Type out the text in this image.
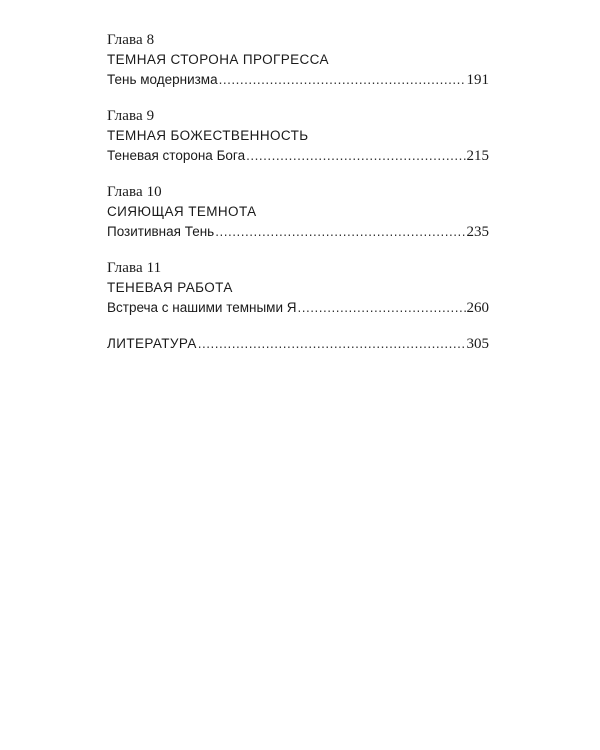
Глава 8
ТЕМНАЯ СТОРОНА ПРОГРЕССА
Тень модернизма .....	191
Глава 9
ТЕМНАЯ БОЖЕСТВЕННОСТЬ
Теневая сторона Бога .....	215
Глава 10
СИЯЮЩАЯ ТЕМНОТА
Позитивная Тень .....	235
Глава 11
ТЕНЕВАЯ РАБОТА
Встреча с нашими темными Я .....	260
ЛИТЕРАТУРА .....	305
